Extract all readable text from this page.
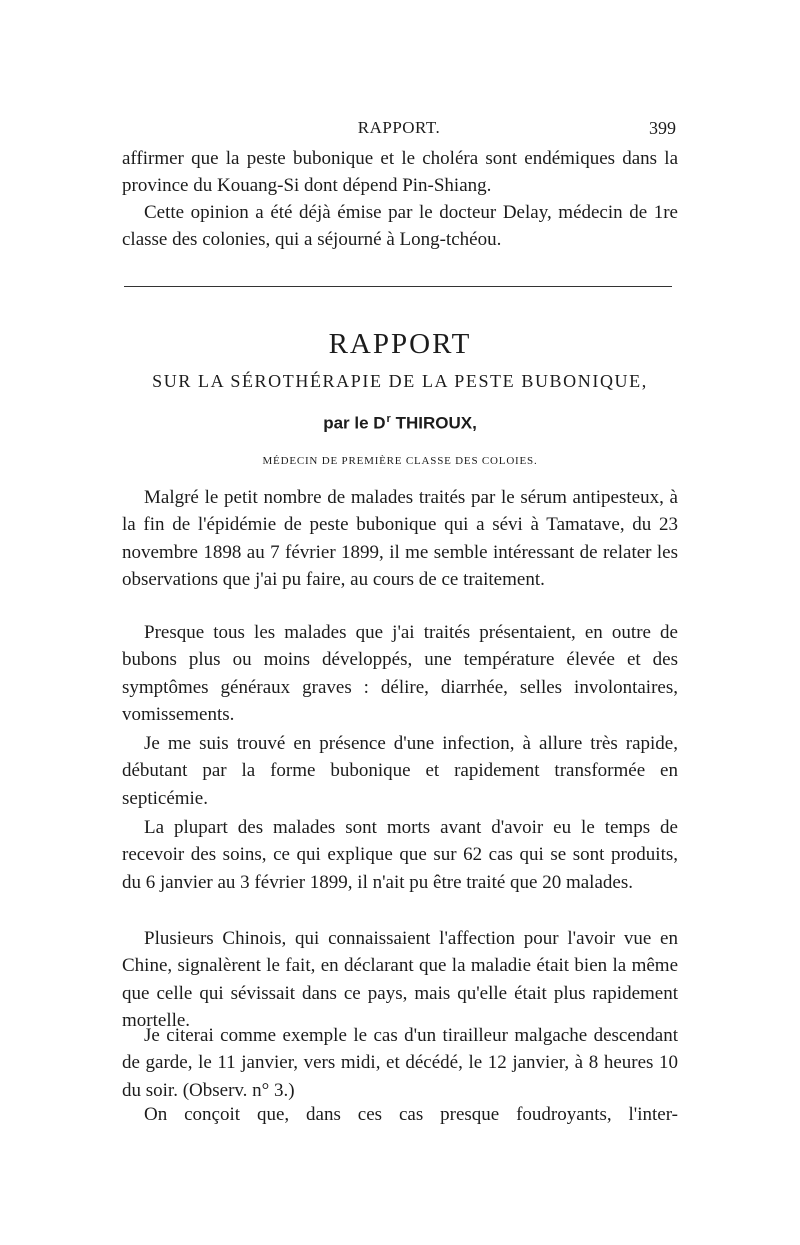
RAPPORT.	399

affirmer que la peste bubonique et le choléra sont endémiques dans la province du Kouang-Si dont dépend Pin-Shiang.

Cette opinion a été déjà émise par le docteur Delay, médecin de 1re classe des colonies, qui a séjourné à Long-tchéou.

RAPPORT
SUR LA SÉROTHÉRAPIE DE LA PESTE BUBONIQUE,
par le $D^r$ THIROUX,
MÉDECIN DE PREMIÈRE CLASSE DES COLOIES.

Malgré le petit nombre de malades traités par le sérum antipesteux, à la fin de l'épidémie de peste bubonique qui a sévi à Tamatave, du 23 novembre 1898 au 7 février 1899, il me semble intéressant de relater les observations que j'ai pu faire, au cours de ce traitement.

Presque tous les malades que j'ai traités présentaient, en outre de bubons plus ou moins développés, une température élevée et des symptômes généraux graves : délire, diarrhée, selles involontaires, vomissements.

Je me suis trouvé en présence d'une infection, à allure très rapide, débutant par la forme bubonique et rapidement transformée en septicémie.

La plupart des malades sont morts avant d'avoir eu le temps de recevoir des soins, ce qui explique que sur 62 cas qui se sont produits, du 6 janvier au 3 février 1899, il n'ait pu être traité que 20 malades.

Plusieurs Chinois, qui connaissaient l'affection pour l'avoir vue en Chine, signalèrent le fait, en déclarant que la maladie était bien la même que celle qui sévissait dans ce pays, mais qu'elle était plus rapidement mortelle.

Je citerai comme exemple le cas d'un tirailleur malgache descendant de garde, le 11 janvier, vers midi, et décédé, le 12 janvier, à 8 heures 10 du soir. (Observ. n° 3.)

On conçoit que, dans ces cas presque foudroyants, l'inter-
